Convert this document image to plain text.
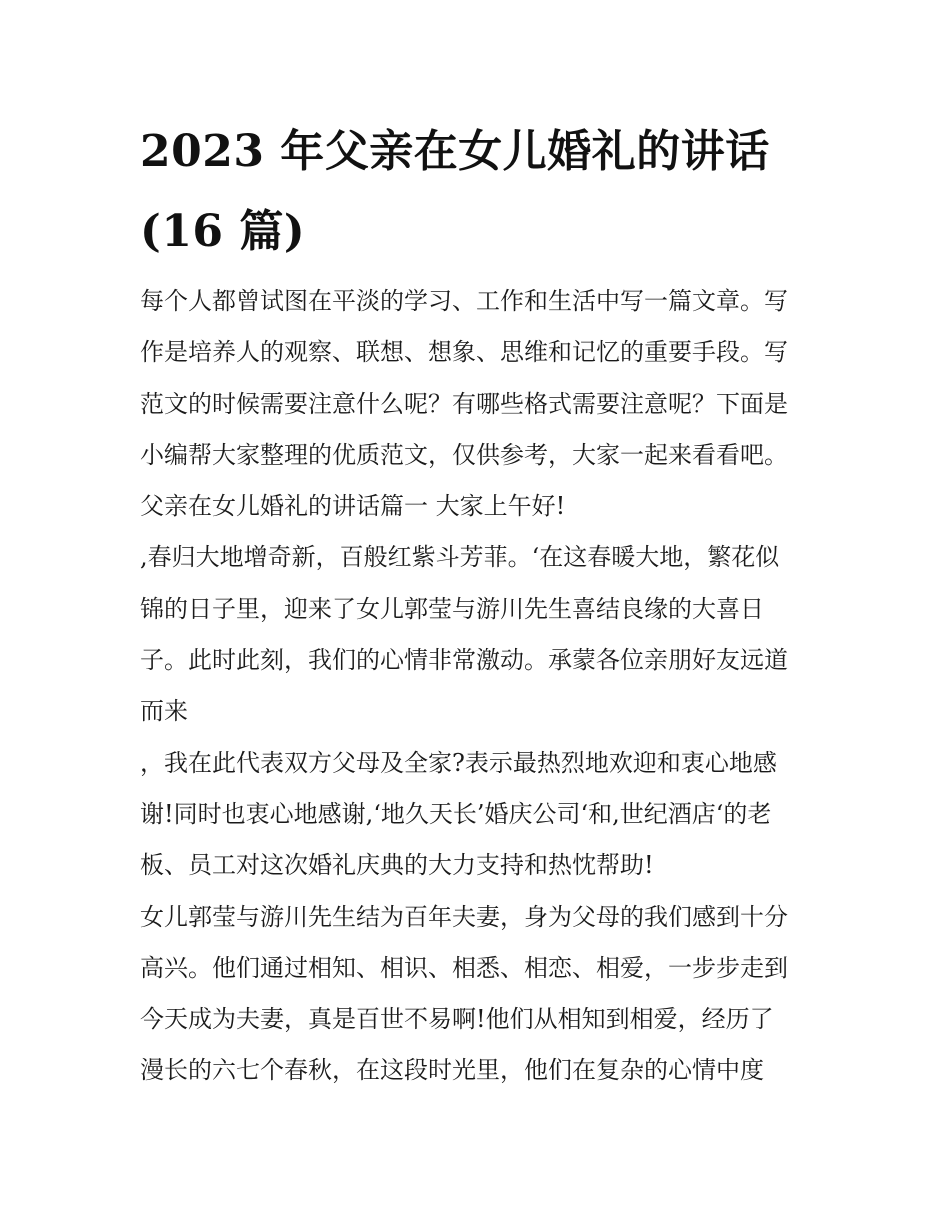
2023 年父亲在女儿婚礼的讲话
(16 篇)
每个人都曾试图在平淡的学习、工作和生活中写一篇文章。写
作是培养人的观察、联想、想象、思维和记忆的重要手段。写
范文的时候需要注意什么呢？有哪些格式需要注意呢？下面是
小编帮大家整理的优质范文，仅供参考，大家一起来看看吧。
父亲在女儿婚礼的讲话篇一 大家上午好!
,春归大地增奇新，百般红紫斗芳菲。‘在这春暖大地，繁花似
锦的日子里，迎来了女儿郭莹与游川先生喜结良缘的大喜日
子。此时此刻，我们的心情非常激动。承蒙各位亲朋好友远道
而来
，我在此代表双方父母及全家?表示最热烈地欢迎和衷心地感
谢!同时也衷心地感谢,‘地久天长’婚庆公司‘和,世纪酒店‘的老
板、员工对这次婚礼庆典的大力支持和热忱帮助!
女儿郭莹与游川先生结为百年夫妻，身为父母的我们感到十分
高兴。他们通过相知、相识、相悉、相恋、相爱，一步步走到
今天成为夫妻，真是百世不易啊!他们从相知到相爱，经历了
漫长的六七个春秋，在这段时光里，他们在复杂的心情中度
